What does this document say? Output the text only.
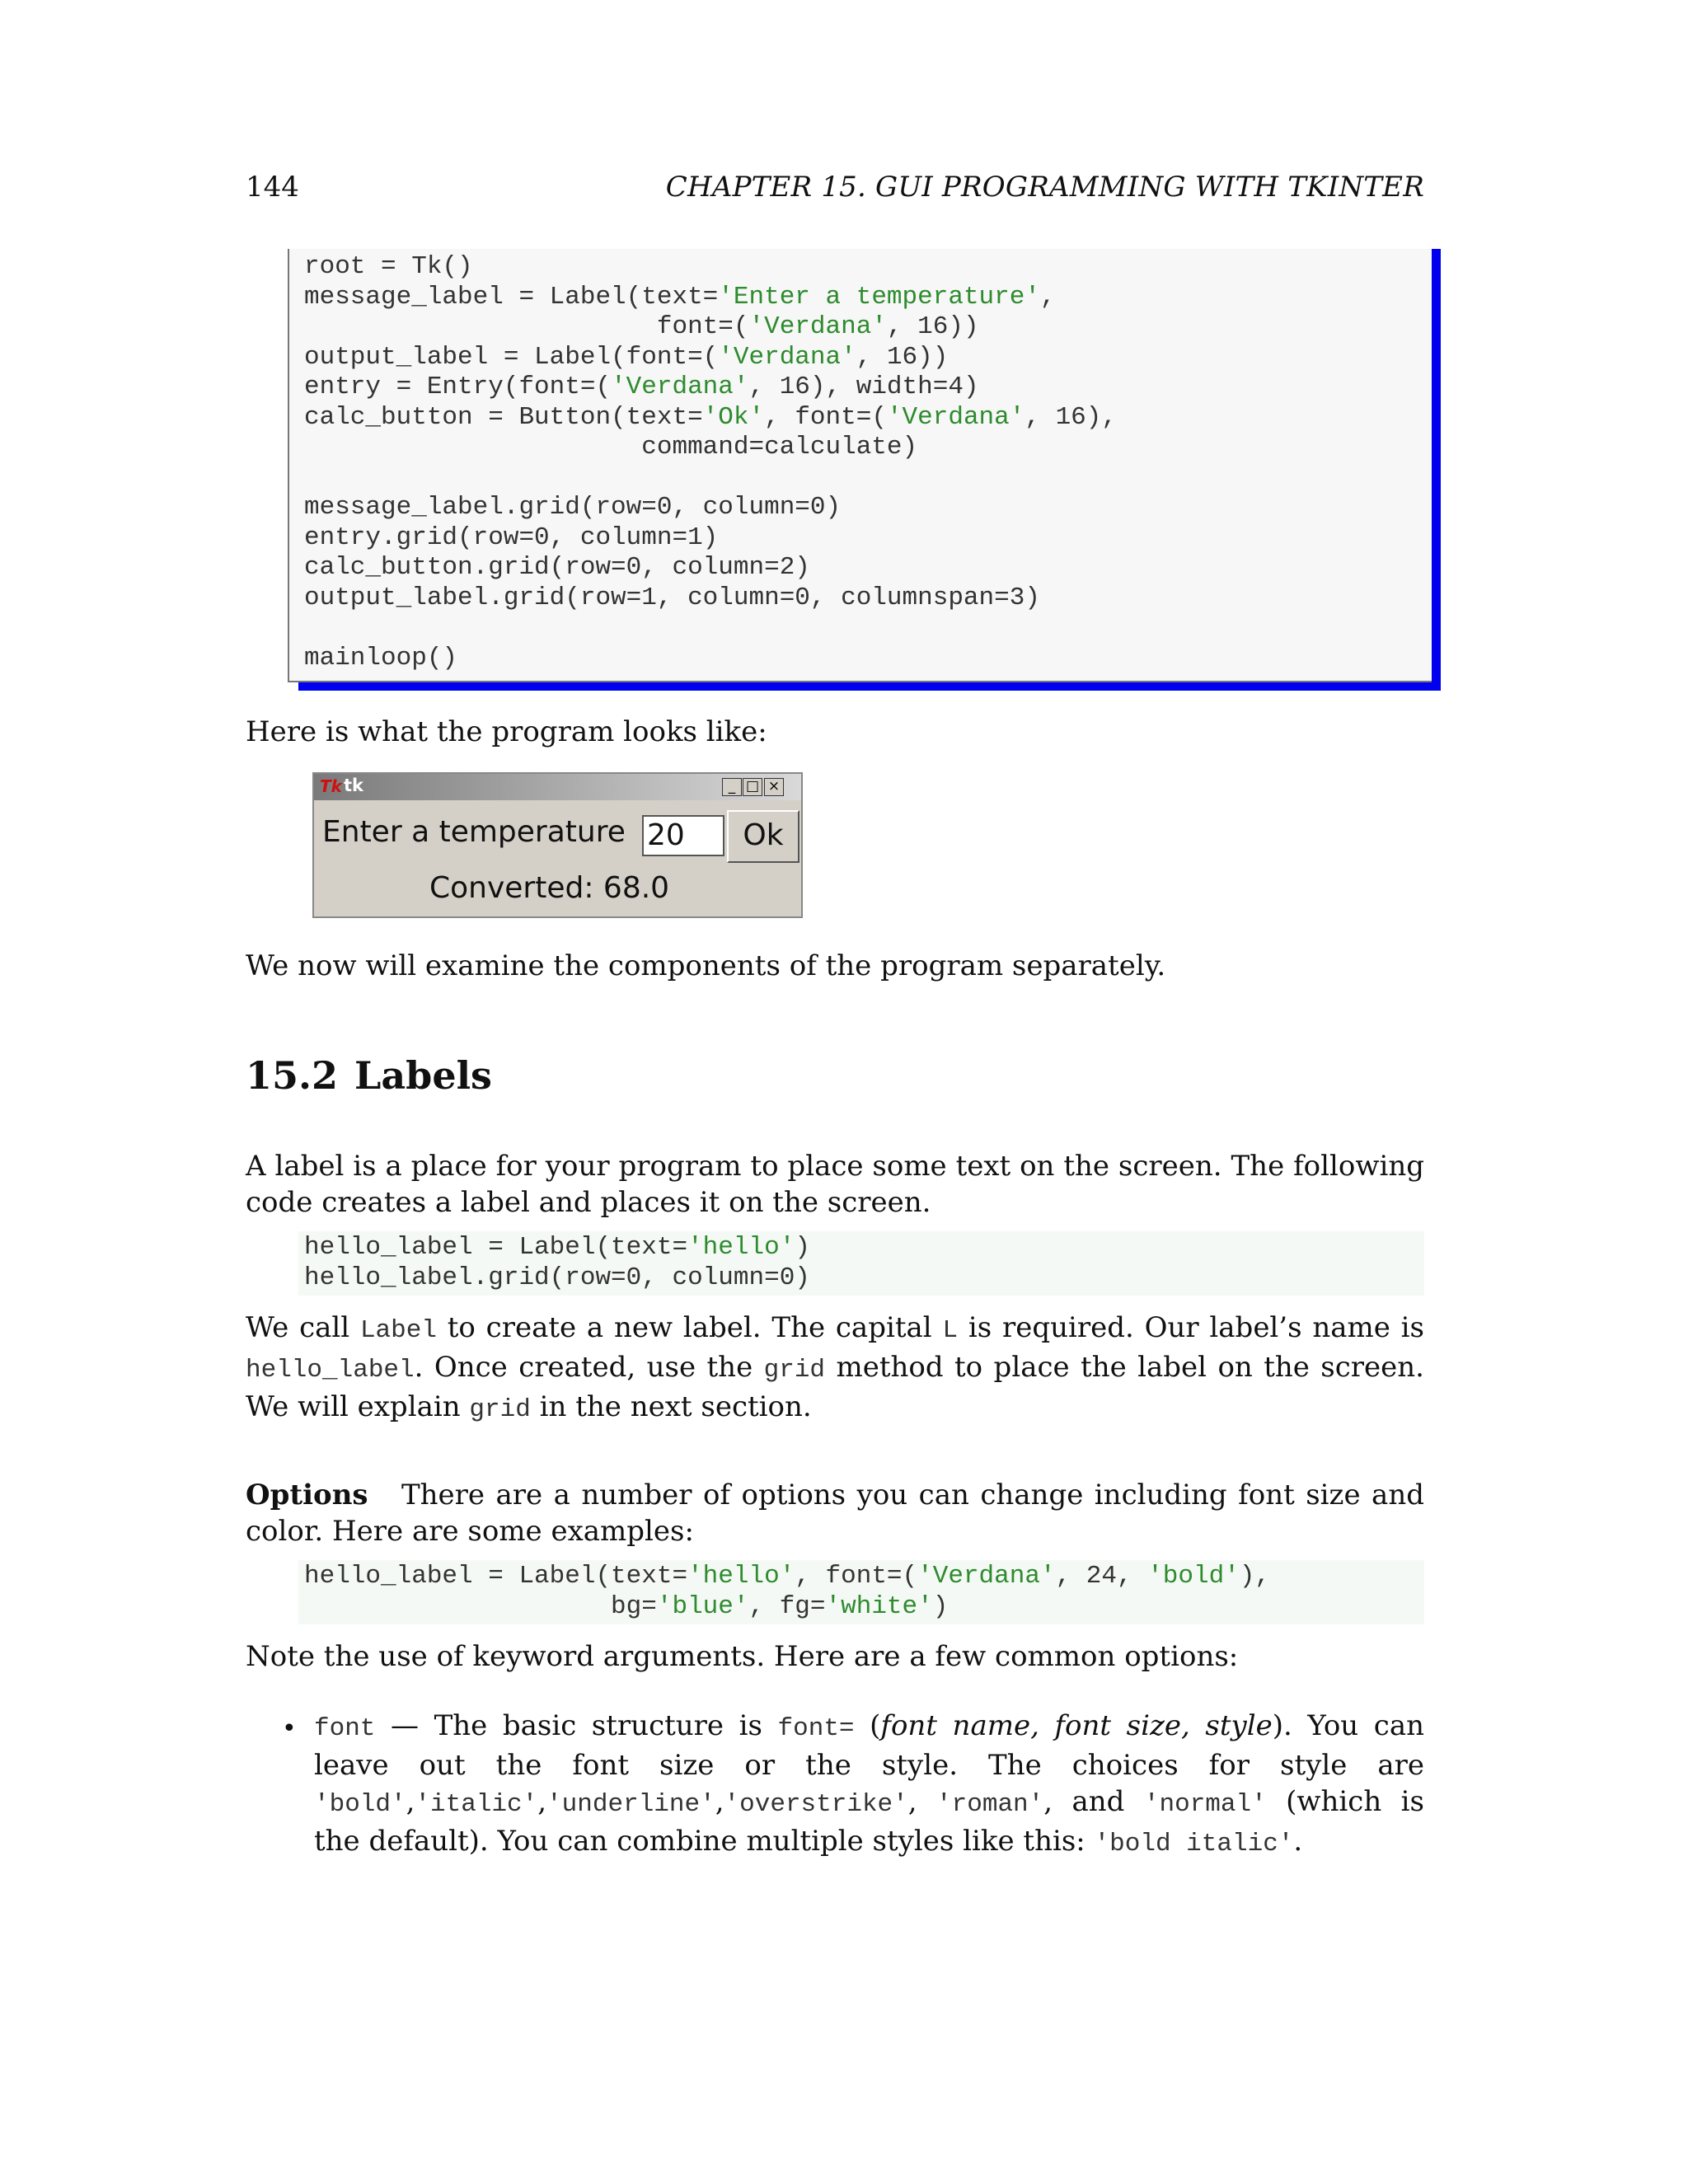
144	CHAPTER 15. GUI PROGRAMMING WITH TKINTER
root = Tk()
message_label = Label(text='Enter a temperature',
font=('Verdana', 16))
output_label = Label(font=('Verdana', 16))
entry = Entry(font=('Verdana', 16), width=4)
calc_button = Button(text='Ok', font=('Verdana', 16),
command=calculate)

message_label.grid(row=0, column=0)
entry.grid(row=0, column=1)
calc_button.grid(row=0, column=2)
output_label.grid(row=1, column=0, columnspan=3)

mainloop()
Here is what the program looks like:
Tk tk	_ □ ×
Enter a temperature 20	Ok
Converted: 68.0
We now will examine the components of the program separately.
15.2 Labels
A label is a place for your program to place some text on the screen. The following code creates a label and places it on the screen.
hello_label = Label(text='hello')
hello_label.grid(row=0, column=0)
We call Label to create a new label. The capital L is required. Our label’s name is hello_label. Once created, use the grid method to place the label on the screen. We will explain grid in the next section.
Options There are a number of options you can change including font size and color. Here are some examples:
hello_label = Label(text='hello', font=('Verdana', 24, 'bold'),
bg='blue', fg='white')
Note the use of keyword arguments. Here are a few common options:
• font — The basic structure is font= (font name, font size, style). You can leave out the font size or the style. The choices for style are 'bold','italic','underline','overstrike', 'roman', and 'normal' (which is the default). You can combine multiple styles like this: 'bold italic'.
